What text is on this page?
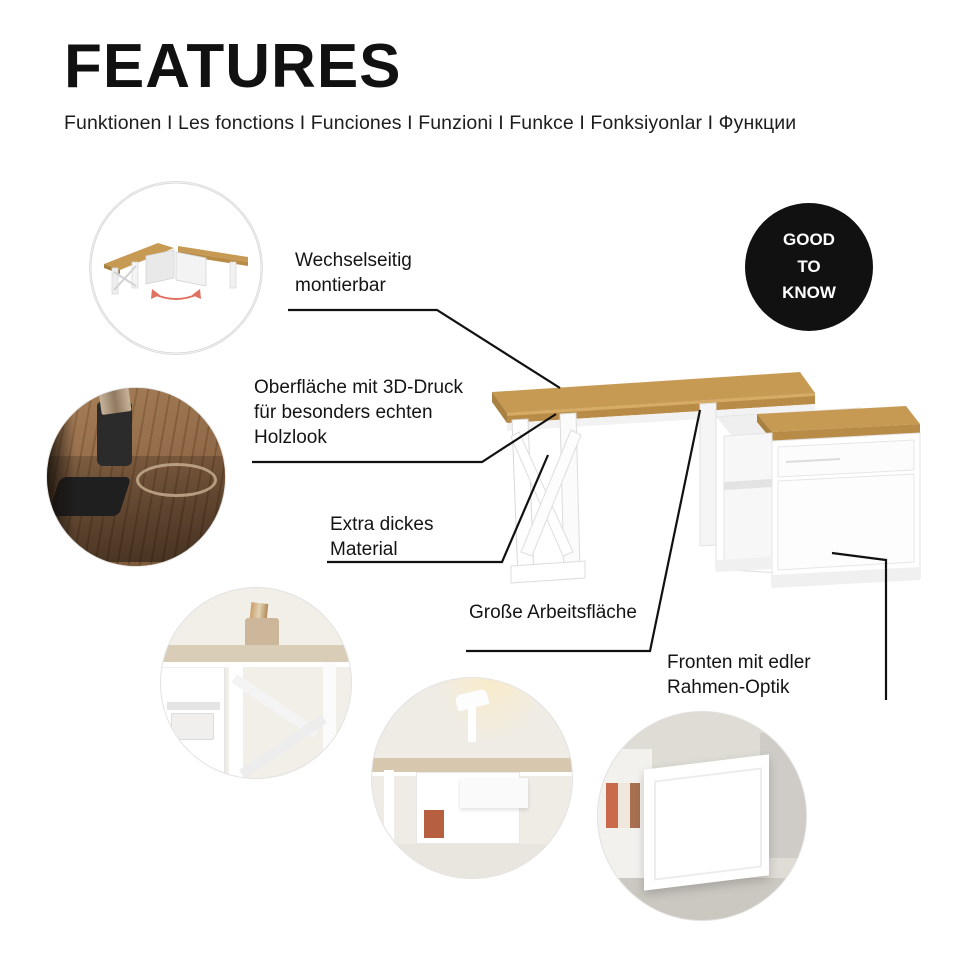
FEATURES
Funktionen I Les fonctions I Funciones I Funzioni I Funkce I Fonksiyonlar I Функции
GOOD
TO
KNOW
Wechselseitig montierbar
Oberfläche mit 3D-Druck für besonders echten Holzlook
Extra dickes Material
Große Arbeitsfläche
Fronten mit edler Rahmen-Optik
